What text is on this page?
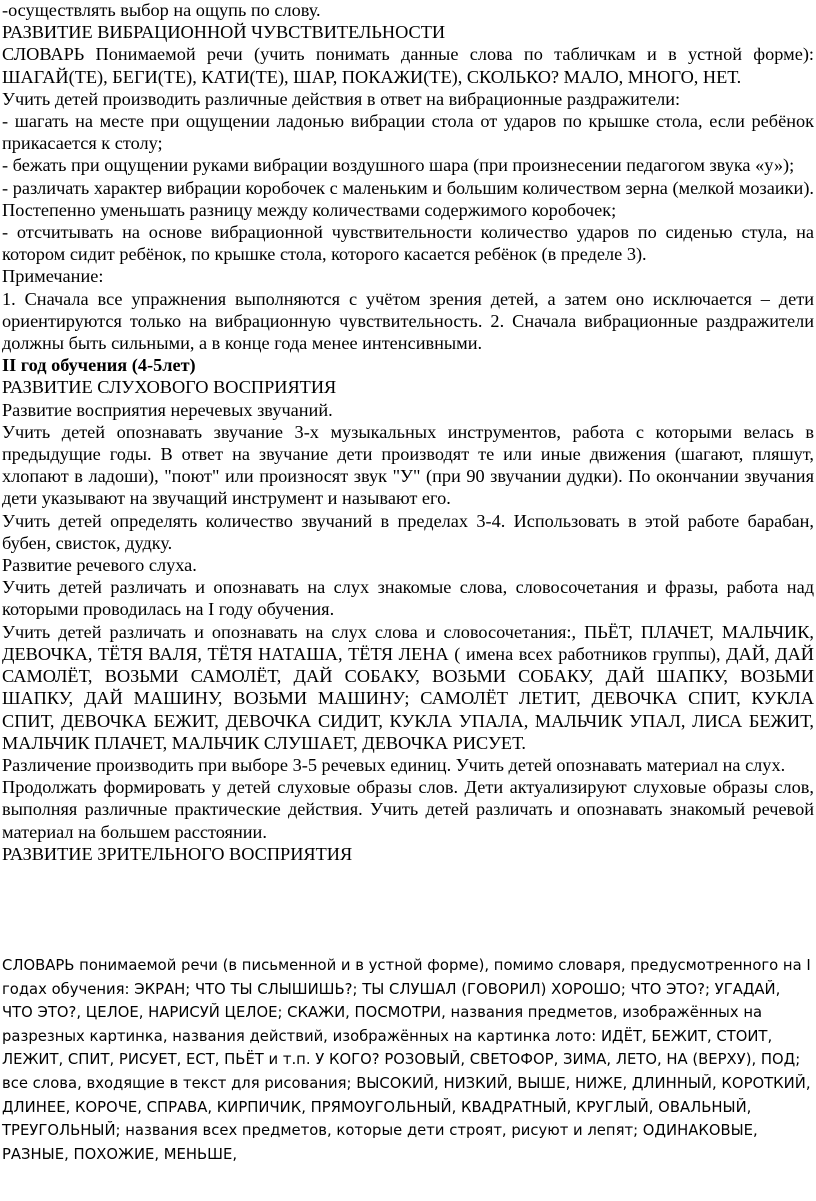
-осуществлять выбор на ощупь по слову.

РАЗВИТИЕ ВИБРАЦИОННОЙ ЧУВСТВИТЕЛЬНОСТИ

СЛОВАРЬ Понимаемой речи (учить понимать данные слова по табличкам и в устной форме): ШАГАЙ(ТЕ), БЕГИ(ТЕ), КАТИ(ТЕ), ШАР, ПОКАЖИ(ТЕ), СКОЛЬКО? МАЛО, МНОГО, НЕТ.

Учить детей производить различные действия в ответ на вибрационные раздражители:

- шагать на месте при ощущении ладонью вибрации стола от ударов по крышке стола, если ребёнок прикасается к столу;

- бежать при ощущении руками вибрации воздушного шара (при произнесении педагогом звука «у»);

- различать характер вибрации коробочек с маленьким и большим количеством зерна (мелкой мозаики). Постепенно уменьшать разницу между количествами содержимого коробочек;

- отсчитывать на основе вибрационной чувствительности количество ударов по сиденью стула, на котором сидит ребёнок, по крышке стола, которого касается ребёнок (в пределе 3).

Примечание:

1. Сначала все упражнения выполняются с учётом зрения детей, а затем оно исключается – дети ориентируются только на вибрационную чувствительность. 2. Сначала вибрационные раздражители должны быть сильными, а в конце года менее интенсивными.

II год обучения (4-5лет)

РАЗВИТИЕ СЛУХОВОГО ВОСПРИЯТИЯ

Развитие восприятия неречевых звучаний.

Учить детей опознавать звучание 3-х музыкальных инструментов, работа с которыми велась в предыдущие годы. В ответ на звучание дети производят те или иные движения (шагают, пляшут, хлопают в ладоши), "поют" или произносят звук "У" (при 90 звучании дудки). По окончании звучания дети указывают на звучащий инструмент и называют его.

Учить детей определять количество звучаний в пределах 3-4. Использовать в этой работе барабан, бубен, свисток, дудку.

Развитие речевого слуха.

Учить детей различать и опознавать на слух знакомые слова, словосочетания и фразы, работа над которыми проводилась на I году обучения.

Учить детей различать и опознавать на слух слова и словосочетания:, ПЬЁТ, ПЛАЧЕТ, МАЛЬЧИК, ДЕВОЧКА, ТЁТЯ ВАЛЯ, ТЁТЯ НАТАША, ТЁТЯ ЛЕНА ( имена всех работников группы), ДАЙ, ДАЙ САМОЛЁТ, ВОЗЬМИ САМОЛЁТ, ДАЙ СОБАКУ, ВОЗЬМИ СОБАКУ, ДАЙ ШАПКУ, ВОЗЬМИ ШАПКУ, ДАЙ МАШИНУ, ВОЗЬМИ МАШИНУ; САМОЛЁТ ЛЕТИТ, ДЕВОЧКА СПИТ, КУКЛА СПИТ, ДЕВОЧКА БЕЖИТ, ДЕВОЧКА СИДИТ, КУКЛА УПАЛА, МАЛЬЧИК УПАЛ, ЛИСА БЕЖИТ, МАЛЬЧИК ПЛАЧЕТ, МАЛЬЧИК СЛУШАЕТ, ДЕВОЧКА РИСУЕТ.

Различение производить при выборе 3-5 речевых единиц. Учить детей опознавать материал на слух.

Продолжать формировать у детей слуховые образы слов. Дети актуализируют слуховые образы слов, выполняя различные практические действия. Учить детей различать и опознавать знакомый речевой материал на большем расстоянии.

РАЗВИТИЕ ЗРИТЕЛЬНОГО ВОСПРИЯТИЯ

СЛОВАРЬ понимаемой речи (в письменной и в устной форме), помимо словаря, предусмотренного на I годах обучения: ЭКРАН; ЧТО ТЫ СЛЫШИШЬ?; ТЫ СЛУШАЛ (ГОВОРИЛ) ХОРОШО; ЧТО ЭТО?; УГАДАЙ, ЧТО ЭТО?, ЦЕЛОЕ, НАРИСУЙ ЦЕЛОЕ; СКАЖИ, ПОСМОТРИ, названия предметов, изображённых на разрезных картинка, названия действий, изображённых на картинка лото: ИДЁТ, БЕЖИТ, СТОИТ, ЛЕЖИТ, СПИТ, РИСУЕТ, ЕСТ, ПЬЁТ и т.п. У КОГО? РОЗОВЫЙ, СВЕТОФОР, ЗИМА, ЛЕТО, НА (ВЕРХУ), ПОД; все слова, входящие в текст для рисования; ВЫСОКИЙ, НИЗКИЙ, ВЫШЕ, НИЖЕ, ДЛИННЫЙ, КОРОТКИЙ, ДЛИНЕЕ, КОРОЧЕ, СПРАВА, КИРПИЧИК, ПРЯМОУГОЛЬНЫЙ, КВАДРАТНЫЙ, КРУГЛЫЙ, ОВАЛЬНЫЙ, ТРЕУГОЛЬНЫЙ; названия всех предметов, которые дети строят, рисуют и лепят; ОДИНАКОВЫЕ, РАЗНЫЕ, ПОХОЖИЕ, МЕНЬШЕ,
